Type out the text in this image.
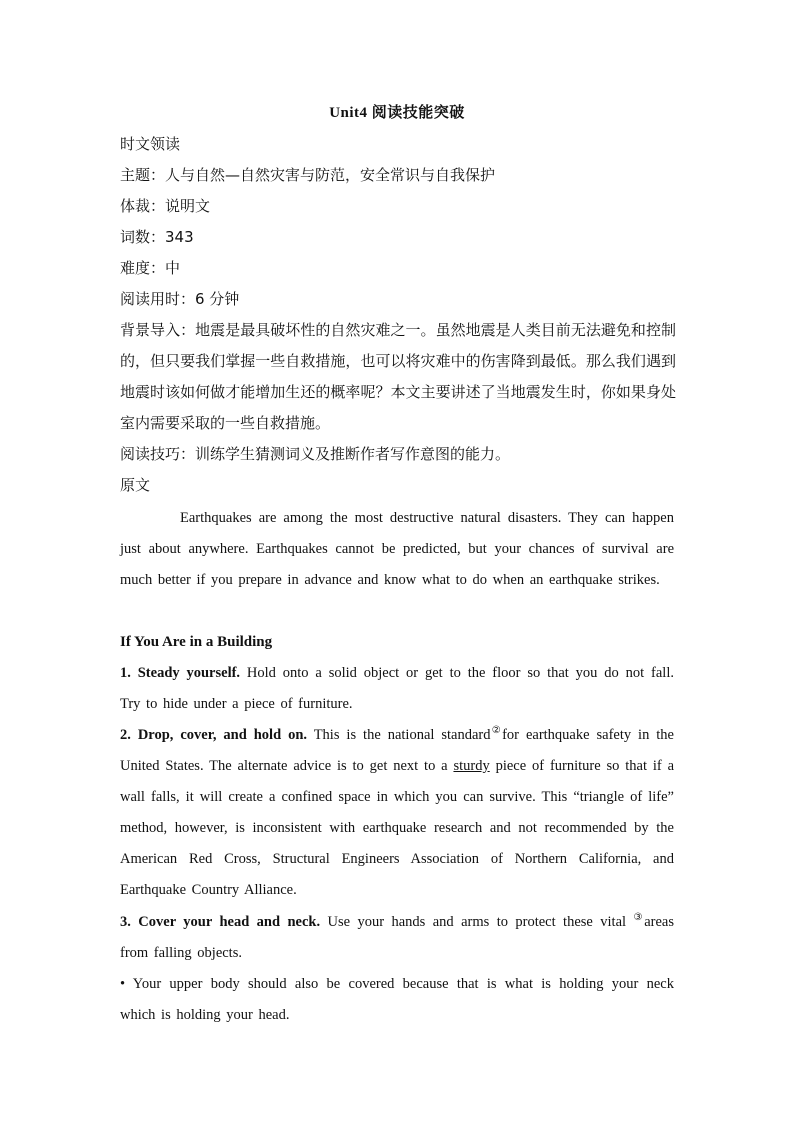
Unit4 阅读技能突破
时文领读
主题：人与自然—自然灾害与防范，安全常识与自我保护
体裁：说明文
词数：343
难度：中
阅读用时：6 分钟
背景导入：地震是最具破坏性的自然灾难之一。虽然地震是人类目前无法避免和控制的，但只要我们掌握一些自救措施，也可以将灾难中的伤害降到最低。那么我们遇到地震时该如何做才能增加生还的概率呢？本文主要讲述了当地震发生时，你如果身处室内需要采取的一些自救措施。
阅读技巧：训练学生猜测词义及推断作者写作意图的能力。
原文
Earthquakes are among the most destructive natural disasters. They can happen just about anywhere. Earthquakes cannot be predicted, but your chances of survival are much better if you prepare in advance and know what to do when an earthquake strikes.
If You Are in a Building
1. Steady yourself. Hold onto a solid object or get to the floor so that you do not fall. Try to hide under a piece of furniture.
2. Drop, cover, and hold on. This is the national standard②for earthquake safety in the United States. The alternate advice is to get next to a sturdy piece of furniture so that if a wall falls, it will create a confined space in which you can survive. This “triangle of life” method, however, is inconsistent with earthquake research and not recommended by the American Red Cross, Structural Engineers Association of Northern California, and Earthquake Country Alliance.
3. Cover your head and neck. Use your hands and arms to protect these vital ③areas from falling objects.
• Your upper body should also be covered because that is what is holding your neck which is holding your head.
